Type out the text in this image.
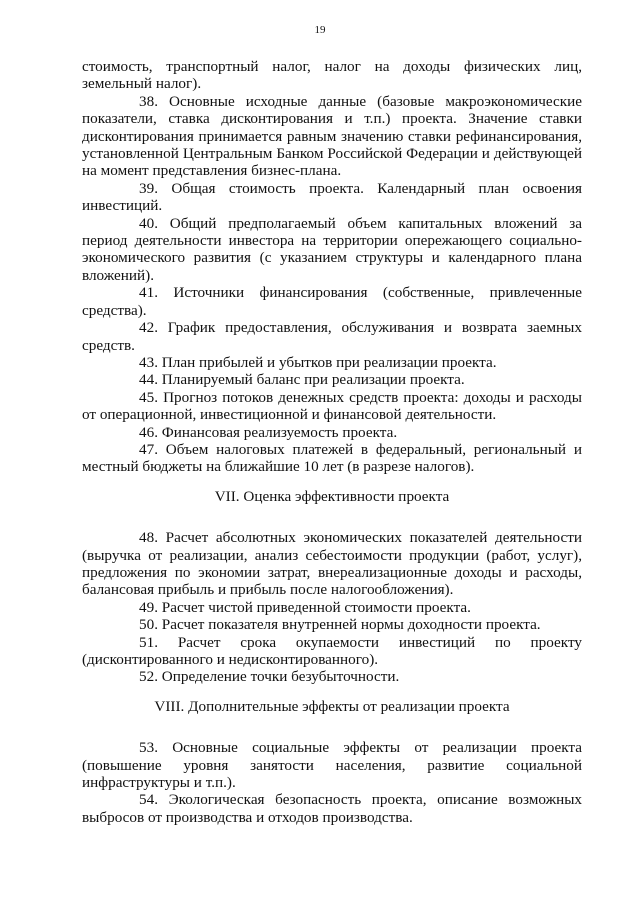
19

стоимость, транспортный налог, налог на доходы физических лиц, земельный налог).

38. Основные исходные данные (базовые макроэкономические показатели, ставка дисконтирования и т.п.) проекта. Значение ставки дисконтирования принимается равным значению ставки рефинансирования, установленной Центральным Банком Российской Федерации и действующей на момент представления бизнес-плана.

39. Общая стоимость проекта. Календарный план освоения инвестиций.

40. Общий предполагаемый объем капитальных вложений за период деятельности инвестора на территории опережающего социально-экономического развития (с указанием структуры и календарного плана вложений).

41. Источники финансирования (собственные, привлеченные средства).

42. График предоставления, обслуживания и возврата заемных средств.

43. План прибылей и убытков при реализации проекта.

44. Планируемый баланс при реализации проекта.

45. Прогноз потоков денежных средств проекта: доходы и расходы от операционной, инвестиционной и финансовой деятельности.

46. Финансовая реализуемость проекта.

47. Объем налоговых платежей в федеральный, региональный и местный бюджеты на ближайшие 10 лет (в разрезе налогов).

VII. Оценка эффективности проекта

48. Расчет абсолютных экономических показателей деятельности (выручка от реализации, анализ себестоимости продукции (работ, услуг), предложения по экономии затрат, внереализационные доходы и расходы, балансовая прибыль и прибыль после налогообложения).

49. Расчет чистой приведенной стоимости проекта.

50. Расчет показателя внутренней нормы доходности проекта.

51. Расчет срока окупаемости инвестиций по проекту (дисконтированного и недисконтированного).

52. Определение точки безубыточности.

VIII. Дополнительные эффекты от реализации проекта

53. Основные социальные эффекты от реализации проекта (повышение уровня занятости населения, развитие социальной инфраструктуры и т.п.).

54. Экологическая безопасность проекта, описание возможных выбросов от производства и отходов производства.
